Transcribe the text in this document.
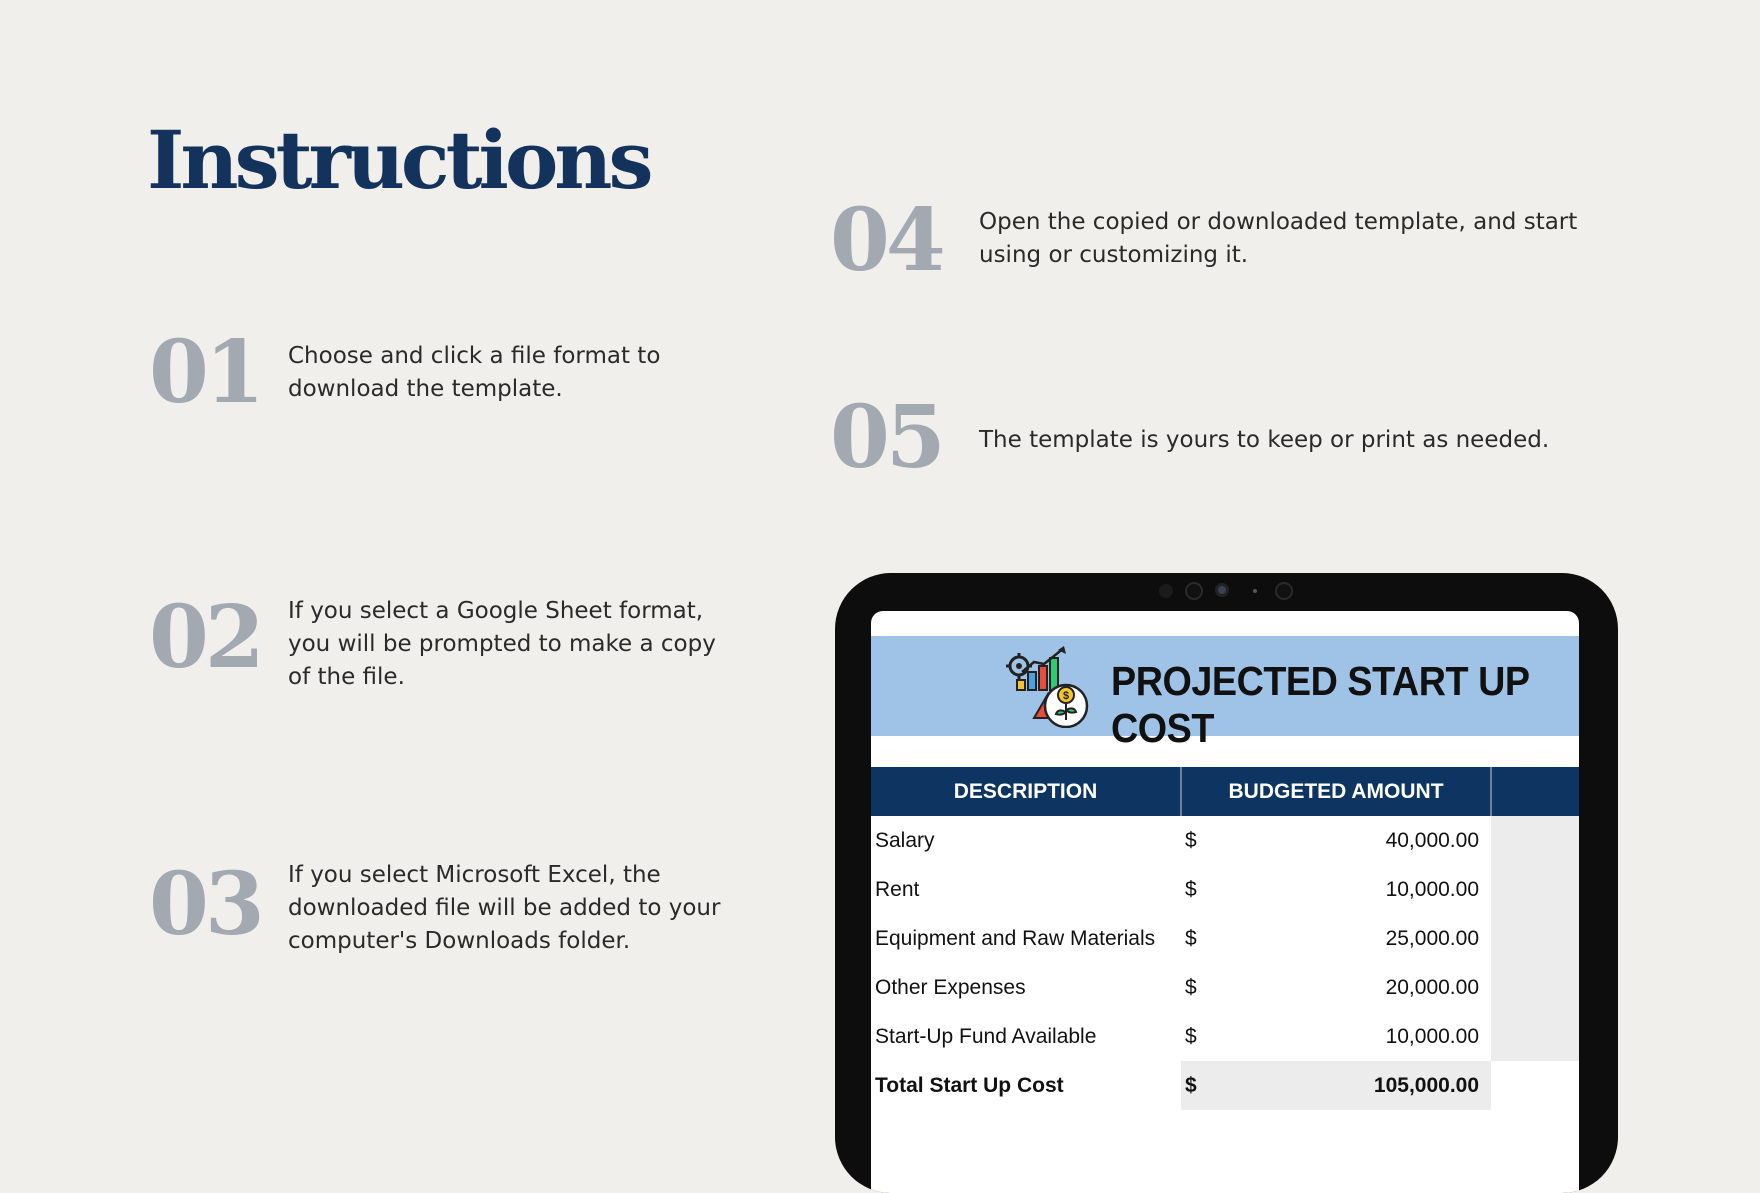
Instructions
01 Choose and click a file format to download the template.
02 If you select a Google Sheet format, you will be prompted to make a copy of the file.
03 If you select Microsoft Excel, the downloaded file will be added to your computer's Downloads folder.
04 Open the copied or downloaded template, and start using or customizing it.
05 The template is yours to keep or print as needed.
$ PROJECTED START UP COST
DESCRIPTION	BUDGETED AMOUNT		
Salary	$	40,000.00	
Rent	$	10,000.00	
Equipment and Raw Materials	$	25,000.00	
Other Expenses	$	20,000.00	
Start-Up Fund Available	$	10,000.00	
Total Start Up Cost	$	105,000.00	
